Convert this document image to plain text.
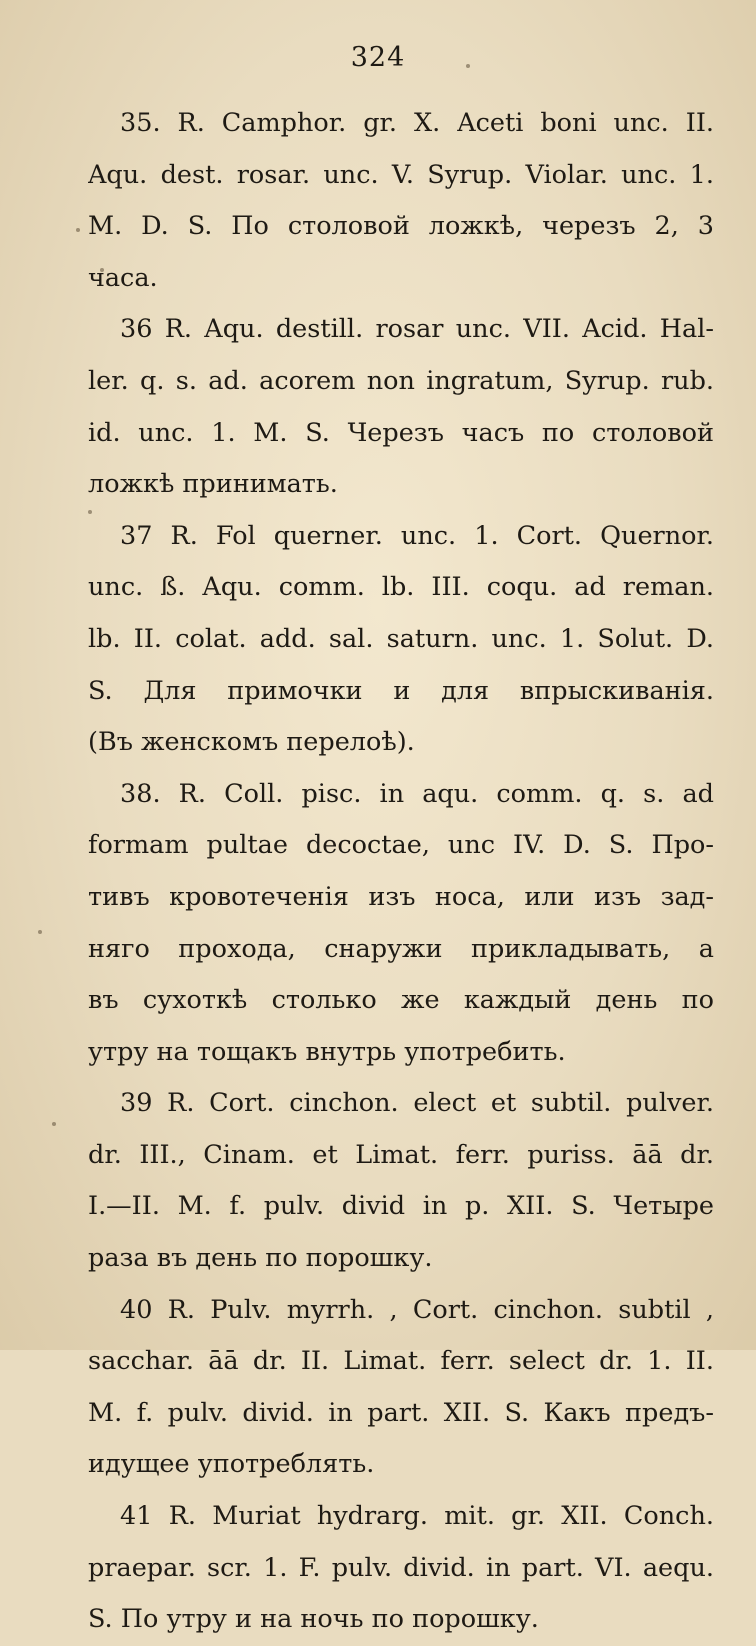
324
35. R. Camphor. gr. X. Aceti boni unc. II.
Aqu. dest. rosar. unc. V. Syrup. Violar. unc. 1.
M. D. S. По столовой ложкѣ, черезъ 2, 3
часа.
36 R. Aqu. destill. rosar unc. VII. Acid. Hal-
ler. q. s. ad. acorem non ingratum, Syrup. rub.
id. unc. 1. M. S. Черезъ часъ по столовой
ложкѣ принимать.
37 R. Fol querner. unc. 1. Cort. Quernor.
unc. ß. Aqu. comm. lb. III. coqu. ad reman.
lb. II. colat. add. sal. saturn. unc. 1. Solut. D.
S. Для примочки и для впрыскиванія.
(Въ женскомъ перелоѣ).
38. R. Coll. pisc. in aqu. comm. q. s. ad
formam pultae decoctae, unc IV. D. S. Про-
тивъ кровотеченія изъ носа, или изъ зад-
няго прохода, снаружи прикладывать, а
въ сухоткѣ столько же каждый день по
утру на тощакъ внутрь употребить.
39 R. Cort. cinchon. elect et subtil. pulver.
dr. III., Cinam. et Limat. ferr. puriss. āā dr.
I.—II. M. f. pulv. divid in p. XII. S. Четыре
раза въ день по порошку.
40 R. Pulv. myrrh. , Cort. cinchon. subtil ,
sacchar. āā dr. II. Limat. ferr. select dr. 1. II.
M. f. pulv. divid. in part. XII. S. Какъ предъ-
идущее употреблять.
41 R. Muriat hydrarg. mit. gr. XII. Conch.
praepar. scr. 1. F. pulv. divid. in part. VI. aequ.
S. По утру и на ночь по порошку.
